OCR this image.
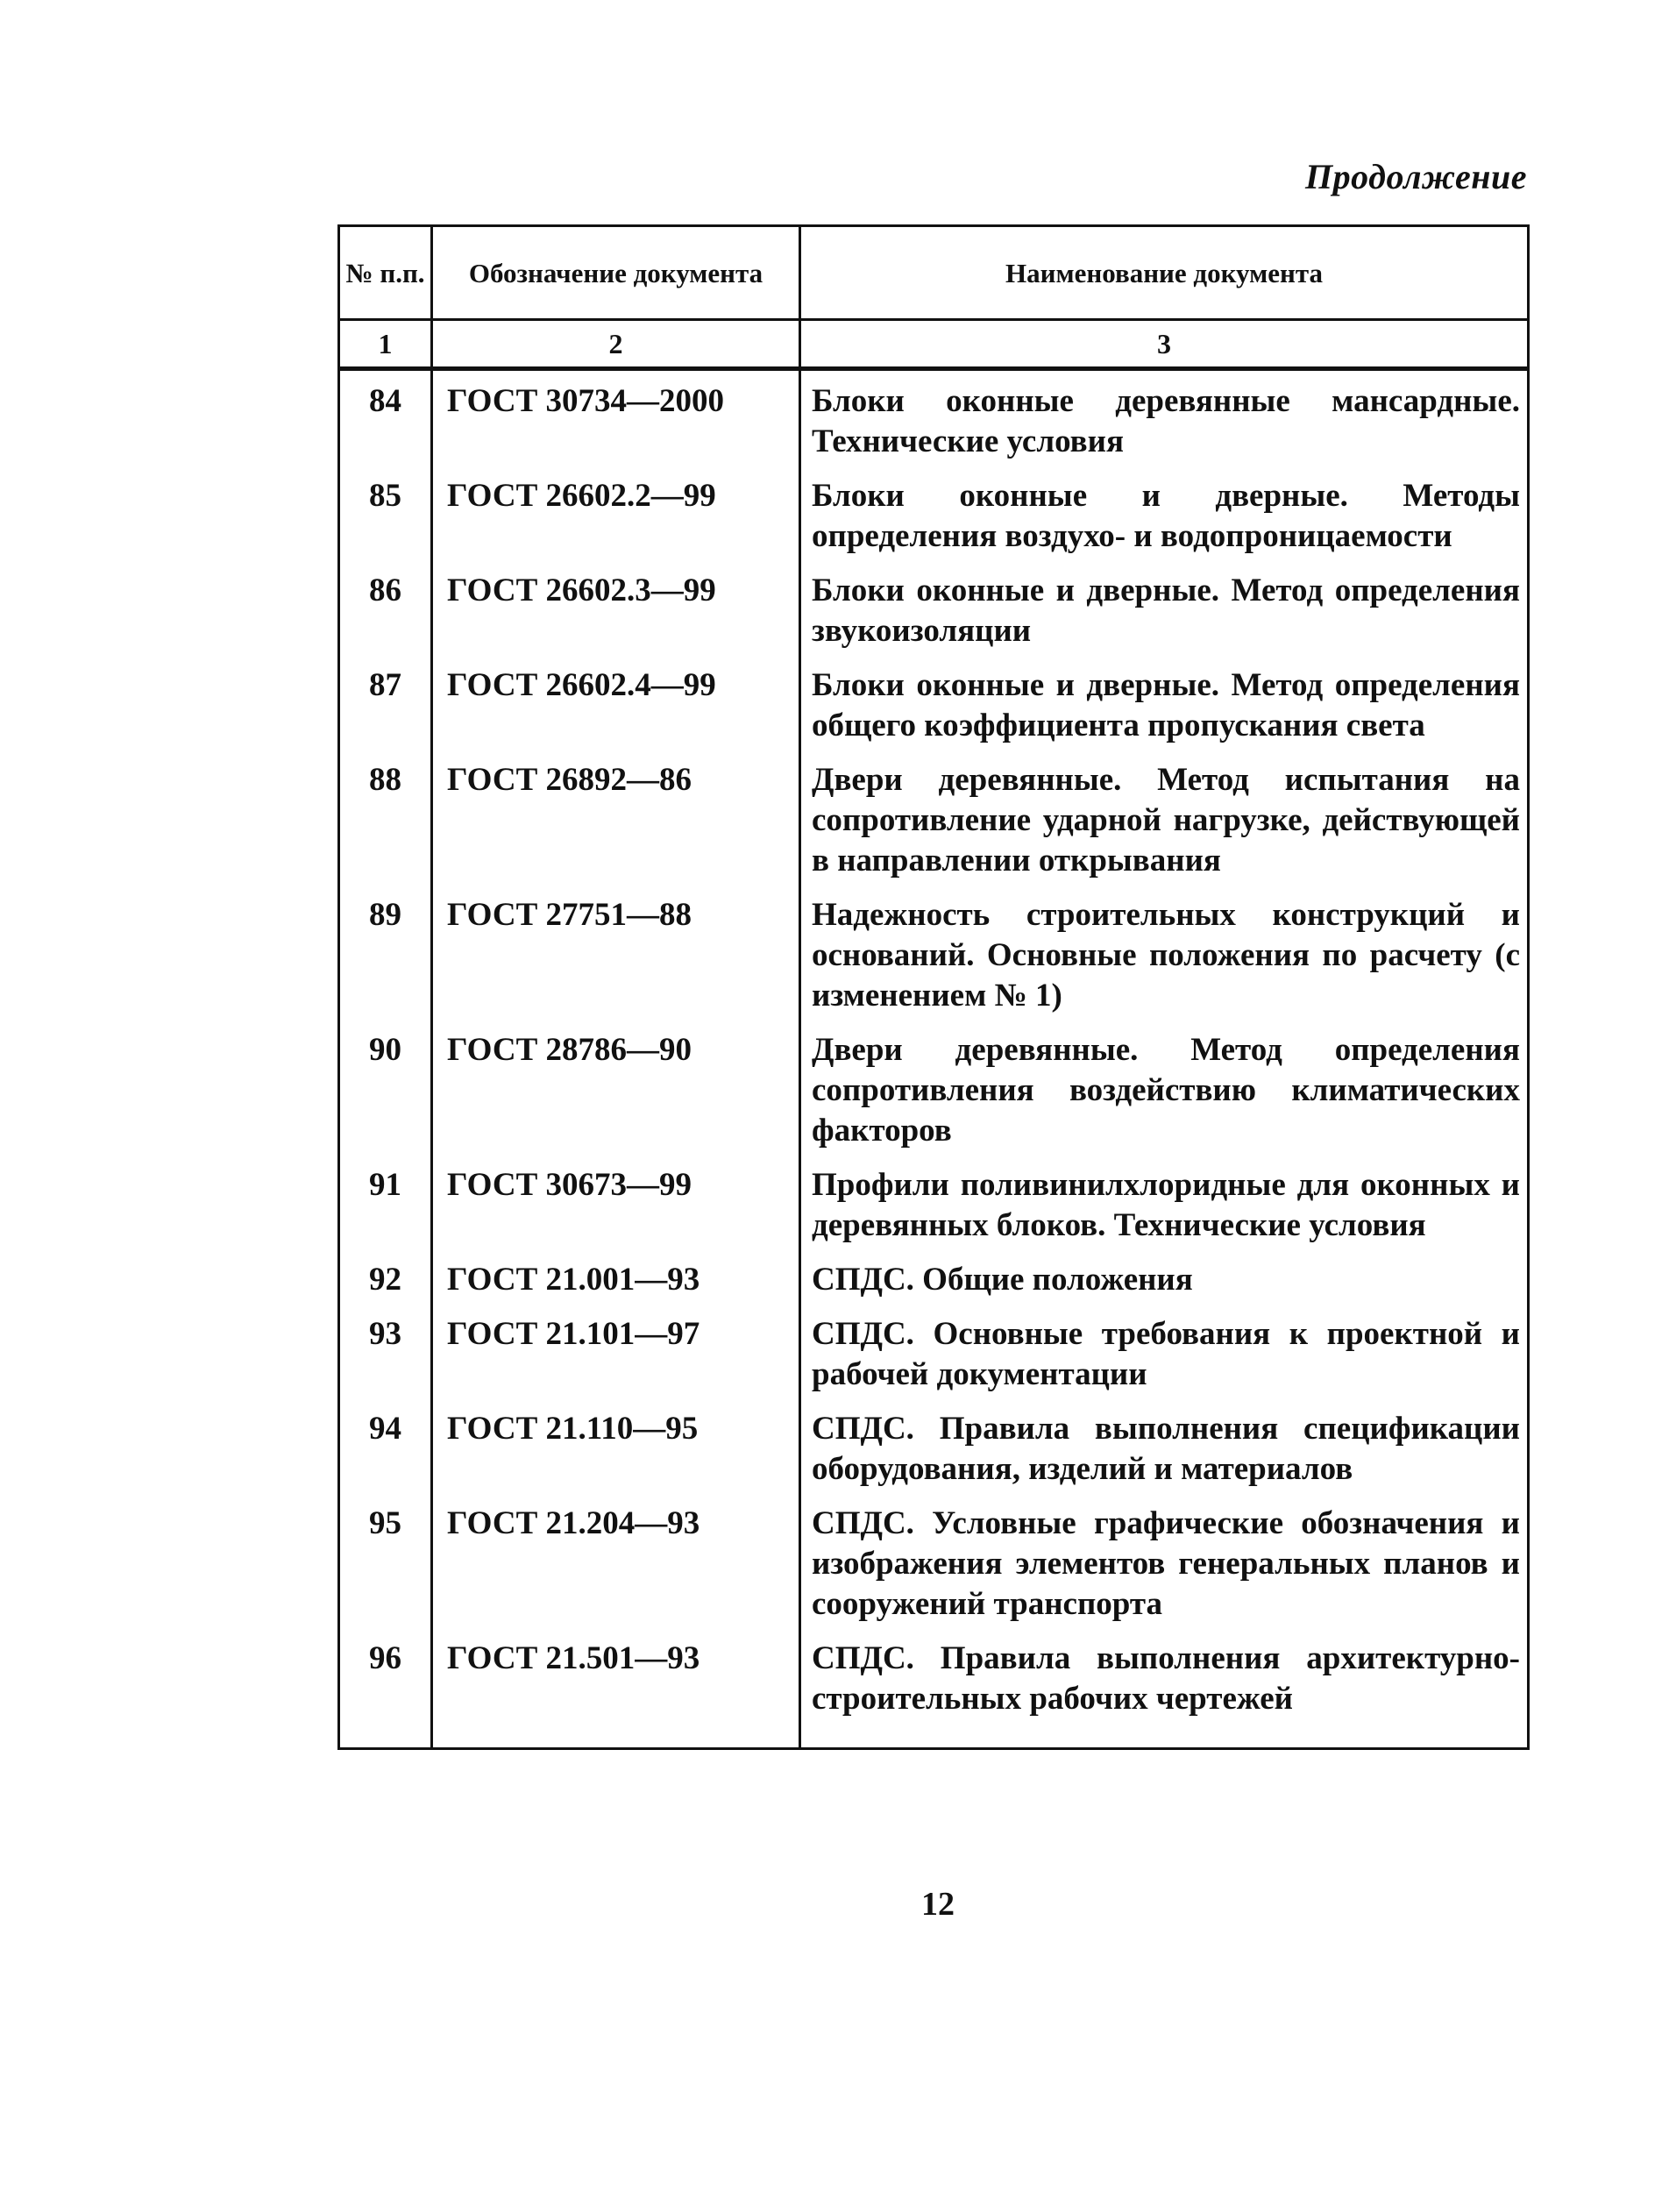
Продолжение
№ п.п.	Обозначение документа	Наименование документа
1	2	3
84	ГОСТ 30734—2000	Блоки оконные деревянные мансардные. Технические условия
85	ГОСТ 26602.2—99	Блоки оконные и дверные. Методы определения воздухо- и водопроницаемости
86	ГОСТ 26602.3—99	Блоки оконные и дверные. Метод определения звукоизоляции
87	ГОСТ 26602.4—99	Блоки оконные и дверные. Метод определения общего коэффициента пропускания света
88	ГОСТ 26892—86	Двери деревянные. Метод испытания на сопротивление ударной нагрузке, действующей в направлении открывания
89	ГОСТ 27751—88	Надежность строительных конструкций и оснований. Основные положения по расчету (с изменением № 1)
90	ГОСТ 28786—90	Двери деревянные. Метод определения сопротивления воздействию климатических факторов
91	ГОСТ 30673—99	Профили поливинилхлоридные для оконных и деревянных блоков. Технические условия
92	ГОСТ 21.001—93	СПДС. Общие положения
93	ГОСТ 21.101—97	СПДС. Основные требования к проектной и рабочей документации
94	ГОСТ 21.110—95	СПДС. Правила выполнения спецификации оборудования, изделий и материалов
95	ГОСТ 21.204—93	СПДС. Условные графические обозначения и изображения элементов генеральных планов и сооружений транспорта
96	ГОСТ 21.501—93	СПДС. Правила выполнения архитектурно-строительных рабочих чертежей
12
